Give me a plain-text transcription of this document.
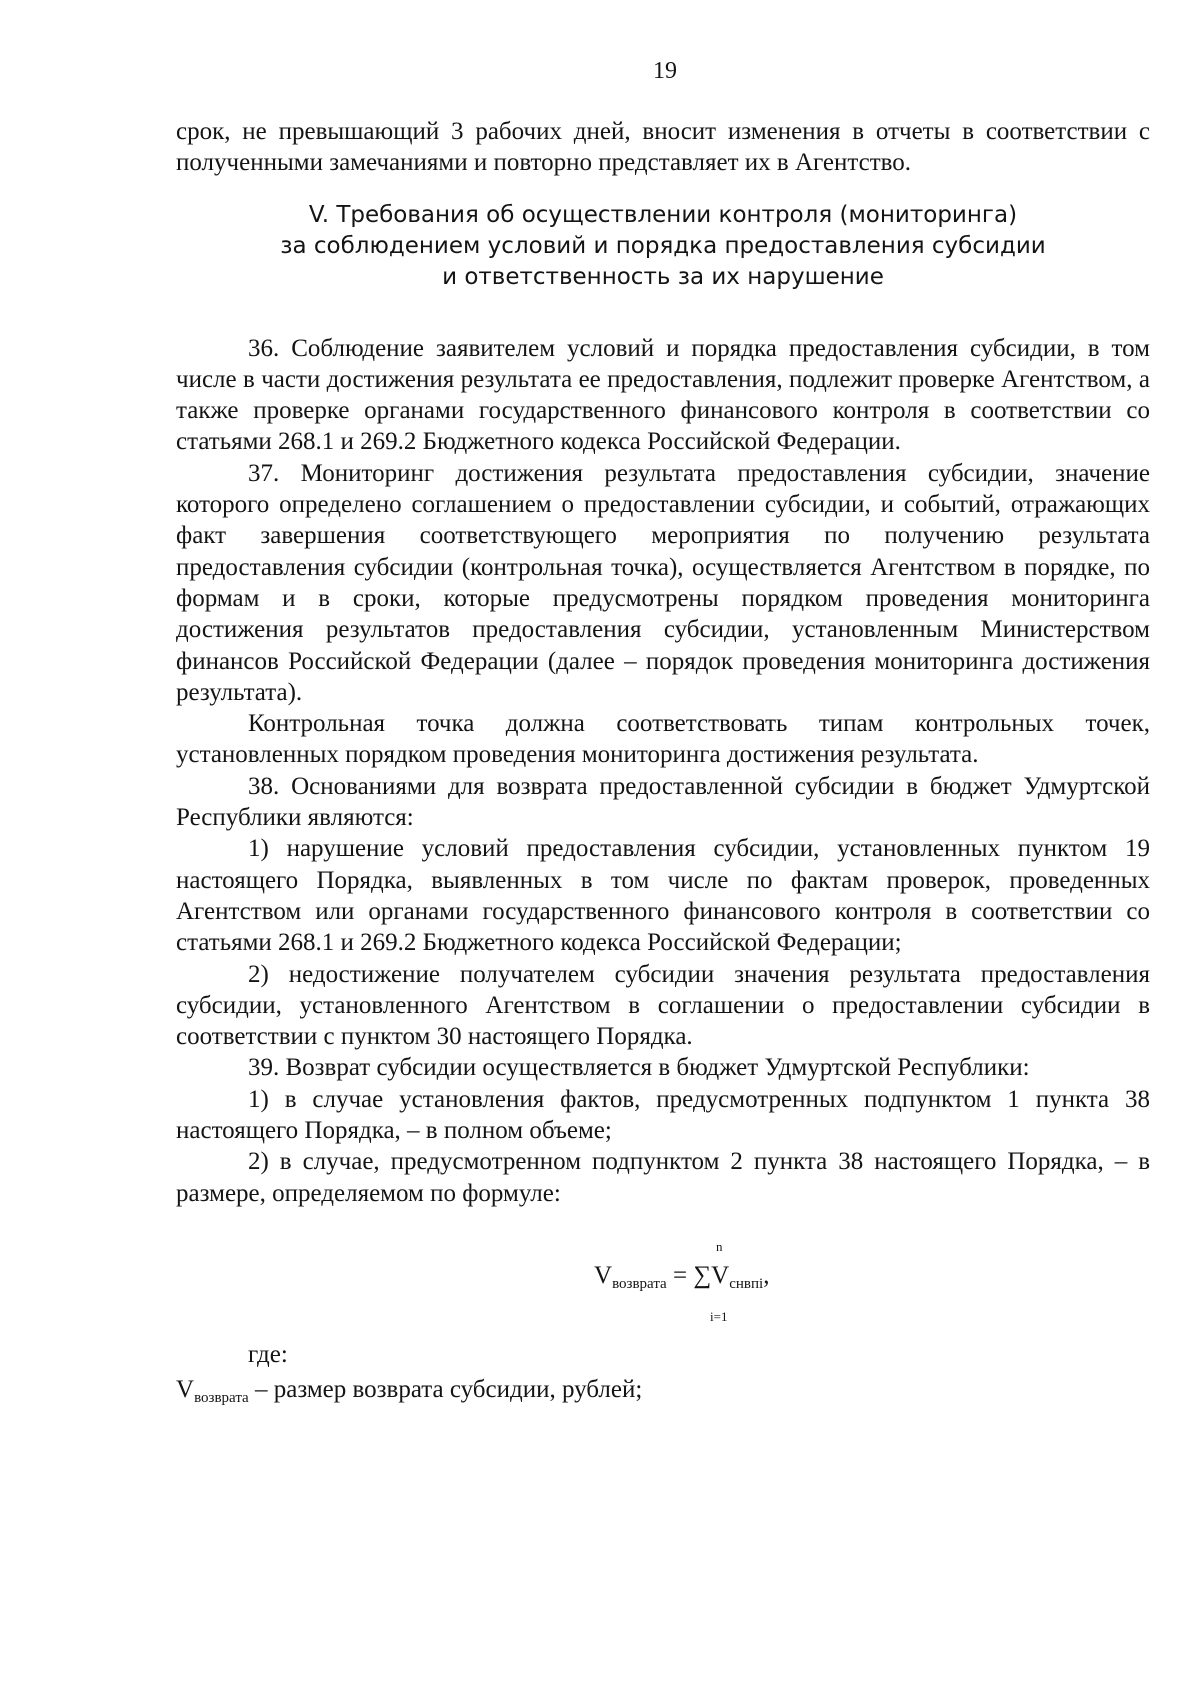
19

срок, не превышающий 3 рабочих дней, вносит изменения в отчеты в соответствии с полученными замечаниями и повторно представляет их в Агентство.

V. Требования об осуществлении контроля (мониторинга)
за соблюдением условий и порядка предоставления субсидии
и ответственность за их нарушение

36. Соблюдение заявителем условий и порядка предоставления субсидии, в том числе в части достижения результата ее предоставления, подлежит проверке Агентством, а также проверке органами государственного финансового контроля в соответствии со статьями 268.1 и 269.2 Бюджетного кодекса Российской Федерации.

37. Мониторинг достижения результата предоставления субсидии, значение которого определено соглашением о предоставлении субсидии, и событий, отражающих факт завершения соответствующего мероприятия по получению результата предоставления субсидии (контрольная точка), осуществляется Агентством в порядке, по формам и в сроки, которые предусмотрены порядком проведения мониторинга достижения результатов предоставления субсидии, установленным Министерством финансов Российской Федерации (далее – порядок проведения мониторинга достижения результата).

Контрольная точка должна соответствовать типам контрольных точек, установленных порядком проведения мониторинга достижения результата.

38. Основаниями для возврата предоставленной субсидии в бюджет Удмуртской Республики являются:

1) нарушение условий предоставления субсидии, установленных пунктом 19 настоящего Порядка, выявленных в том числе по фактам проверок, проведенных Агентством или органами государственного финансового контроля в соответствии со статьями 268.1 и 269.2 Бюджетного кодекса Российской Федерации;

2) недостижение получателем субсидии значения результата предоставления субсидии, установленного Агентством в соглашении о предоставлении субсидии в соответствии с пунктом 30 настоящего Порядка.

39. Возврат субсидии осуществляется в бюджет Удмуртской Республики:

1) в случае установления фактов, предусмотренных подпунктом 1 пункта 38 настоящего Порядка, – в полном объеме;

2) в случае, предусмотренном подпунктом 2 пункта 38 настоящего Порядка, – в размере, определяемом по формуле:

n
$V_{возврата} = \sum V_{снвпі}$,
i=1

где:

$V_{возврата}$ – размер возврата субсидии, рублей;
